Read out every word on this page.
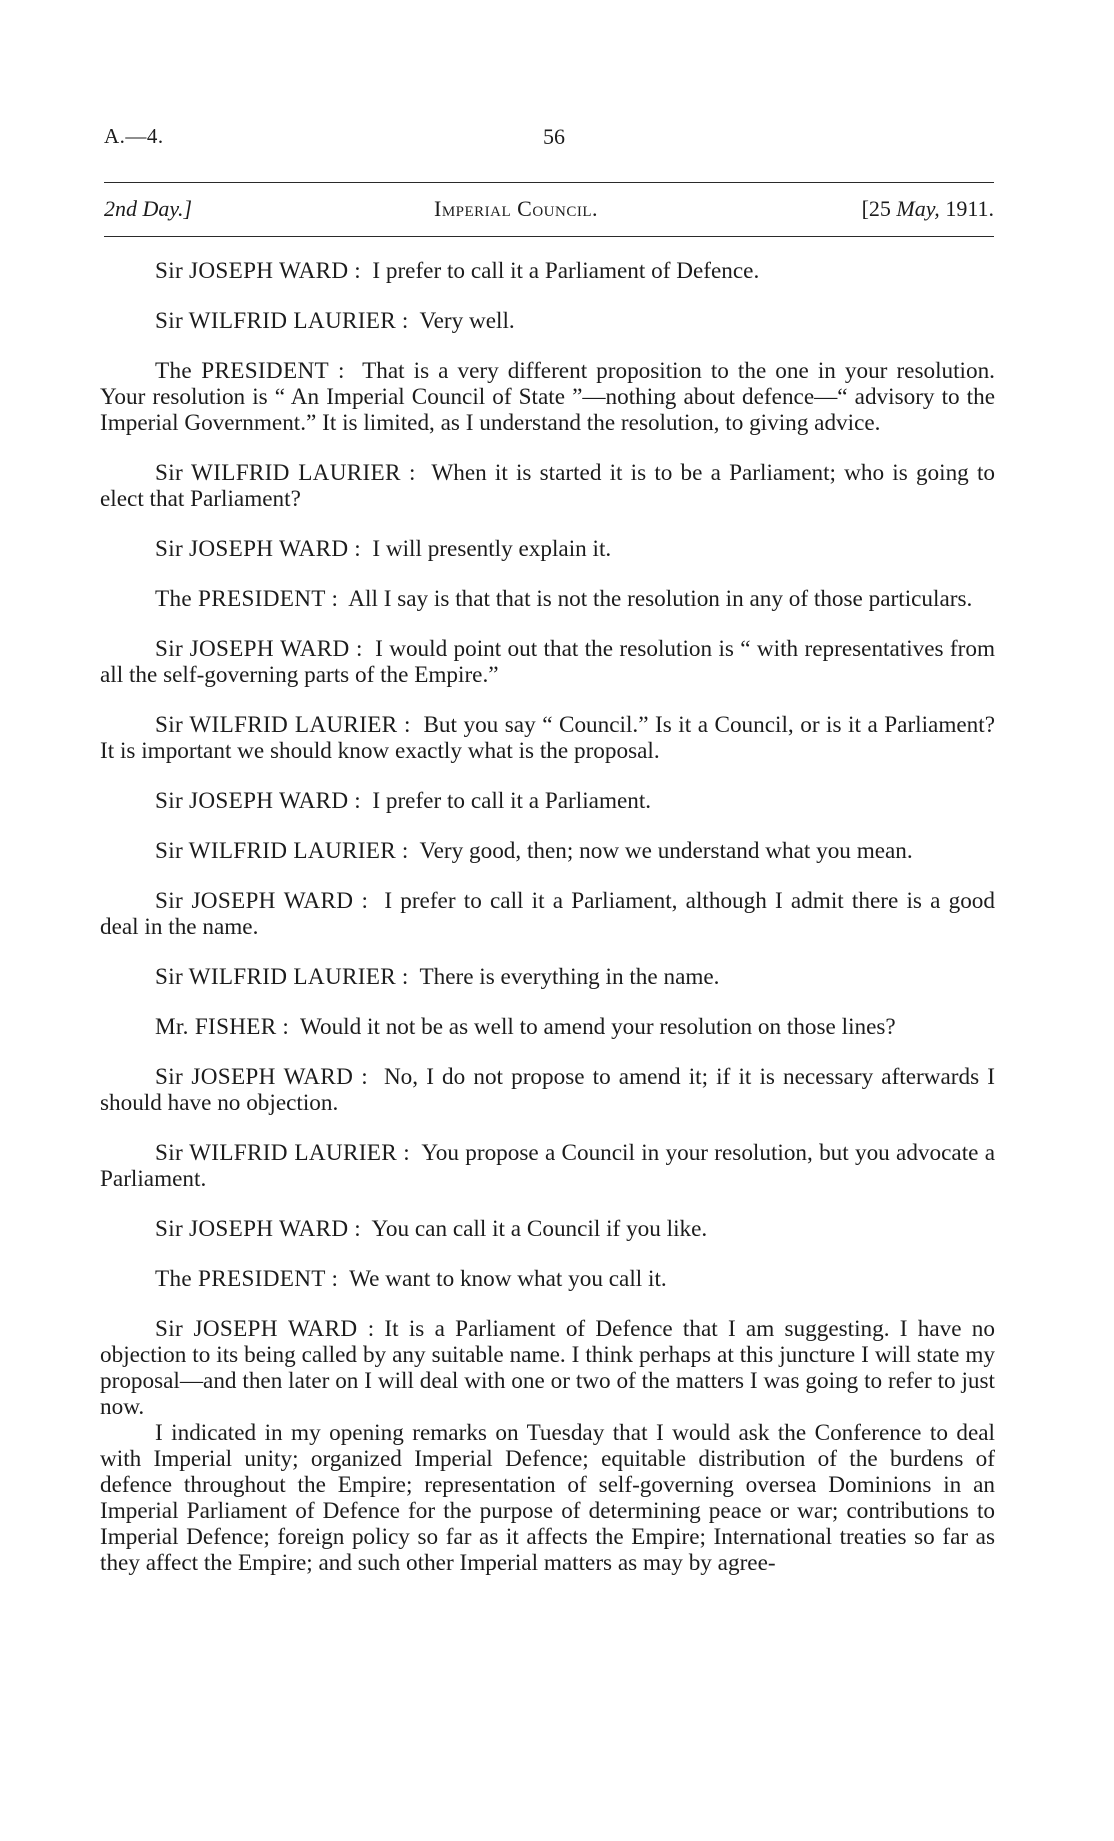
A.—4.	56
2nd Day.]	Imperial Council.	[25 May, 1911.

Sir JOSEPH WARD :  I prefer to call it a Parliament of Defence.

Sir WILFRID LAURIER :  Very well.

The PRESIDENT :  That is a very different proposition to the one in your resolution. Your resolution is “ An Imperial Council of State ”—nothing about defence—“ advisory to the Imperial Government.” It is limited, as I understand the resolution, to giving advice.

Sir WILFRID LAURIER :  When it is started it is to be a Parliament; who is going to elect that Parliament?

Sir JOSEPH WARD :  I will presently explain it.

The PRESIDENT :  All I say is that that is not the resolution in any of those particulars.

Sir JOSEPH WARD :  I would point out that the resolution is “ with representatives from all the self-governing parts of the Empire.”

Sir WILFRID LAURIER :  But you say “ Council.” Is it a Council, or is it a Parliament? It is important we should know exactly what is the proposal.

Sir JOSEPH WARD :  I prefer to call it a Parliament.

Sir WILFRID LAURIER :  Very good, then; now we understand what you mean.

Sir JOSEPH WARD :  I prefer to call it a Parliament, although I admit there is a good deal in the name.

Sir WILFRID LAURIER :  There is everything in the name.

Mr. FISHER :  Would it not be as well to amend your resolution on those lines?

Sir JOSEPH WARD :  No, I do not propose to amend it; if it is necessary afterwards I should have no objection.

Sir WILFRID LAURIER :  You propose a Council in your resolution, but you advocate a Parliament.

Sir JOSEPH WARD :  You can call it a Council if you like.

The PRESIDENT :  We want to know what you call it.

Sir JOSEPH WARD : It is a Parliament of Defence that I am suggesting. I have no objection to its being called by any suitable name. I think perhaps at this juncture I will state my proposal—and then later on I will deal with one or two of the matters I was going to refer to just now.

I indicated in my opening remarks on Tuesday that I would ask the Conference to deal with Imperial unity; organized Imperial Defence; equitable distribution of the burdens of defence throughout the Empire; representation of self-governing oversea Dominions in an Imperial Parliament of Defence for the purpose of determining peace or war; contributions to Imperial Defence; foreign policy so far as it affects the Empire; International treaties so far as they affect the Empire; and such other Imperial matters as may by agree-
